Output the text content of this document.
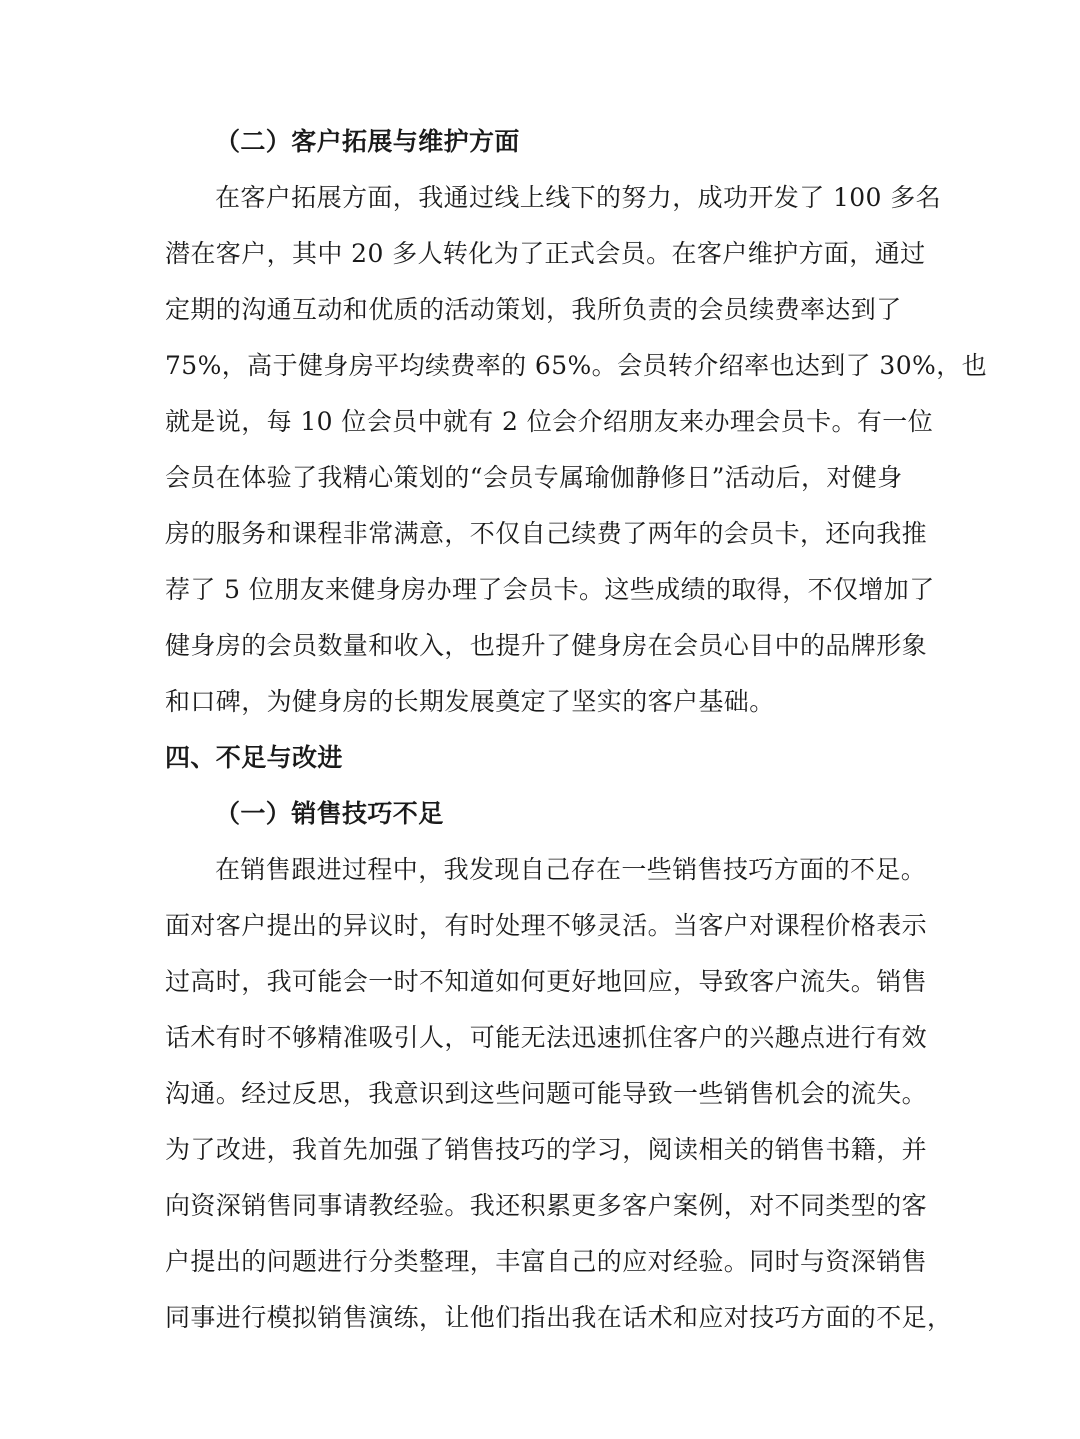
（二）客户拓展与维护方面
在客户拓展方面，我通过线上线下的努力，成功开发了 100 多名
潜在客户，其中 20 多人转化为了正式会员。在客户维护方面，通过
定期的沟通互动和优质的活动策划，我所负责的会员续费率达到了
75%，高于健身房平均续费率的 65%。会员转介绍率也达到了 30%，也
就是说，每 10 位会员中就有 2 位会介绍朋友来办理会员卡。有一位
会员在体验了我精心策划的“会员专属瑜伽静修日”活动后，对健身
房的服务和课程非常满意，不仅自己续费了两年的会员卡，还向我推
荐了 5 位朋友来健身房办理了会员卡。这些成绩的取得，不仅增加了
健身房的会员数量和收入，也提升了健身房在会员心目中的品牌形象
和口碑，为健身房的长期发展奠定了坚实的客户基础。
四、不足与改进
（一）销售技巧不足
在销售跟进过程中，我发现自己存在一些销售技巧方面的不足。
面对客户提出的异议时，有时处理不够灵活。当客户对课程价格表示
过高时，我可能会一时不知道如何更好地回应，导致客户流失。销售
话术有时不够精准吸引人，可能无法迅速抓住客户的兴趣点进行有效
沟通。经过反思，我意识到这些问题可能导致一些销售机会的流失。
为了改进，我首先加强了销售技巧的学习，阅读相关的销售书籍，并
向资深销售同事请教经验。我还积累更多客户案例，对不同类型的客
户提出的问题进行分类整理，丰富自己的应对经验。同时与资深销售
同事进行模拟销售演练，让他们指出我在话术和应对技巧方面的不足，
